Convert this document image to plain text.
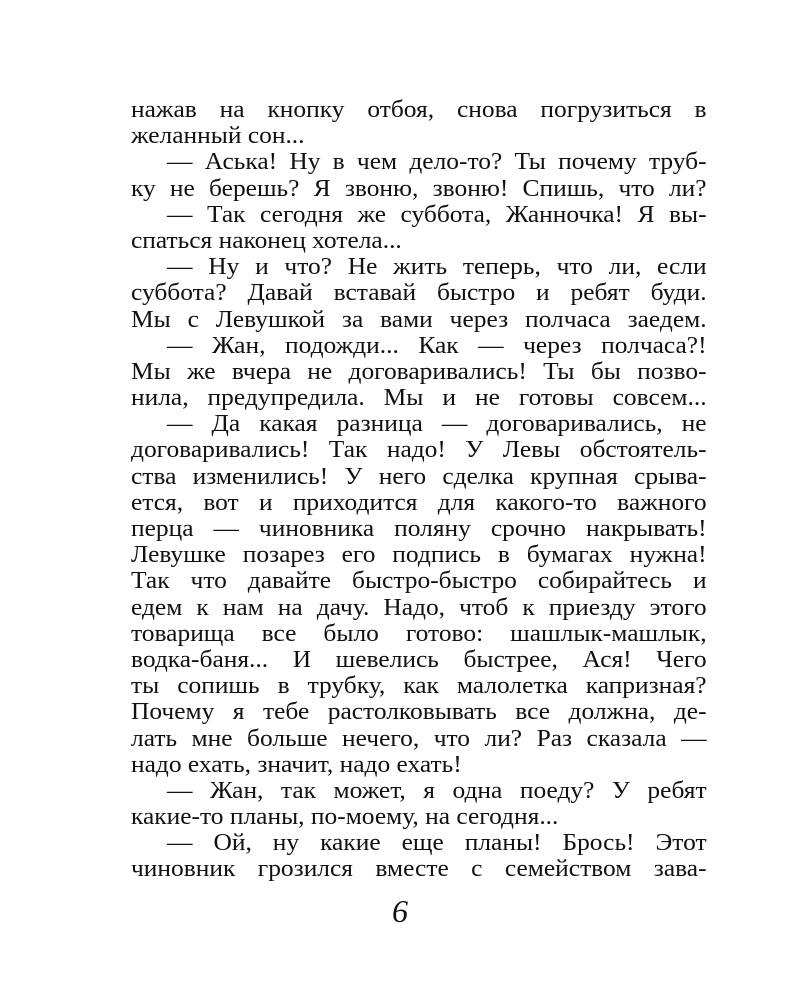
нажав на кнопку отбоя, снова погрузиться в
желанный сон...
— Аська! Ну в чем дело-то? Ты почему труб-
ку не берешь? Я звоню, звоню! Спишь, что ли?
— Так сегодня же суббота, Жанночка! Я вы-
спаться наконец хотела...
— Ну и что? Не жить теперь, что ли, если
суббота? Давай вставай быстро и ребят буди.
Мы с Левушкой за вами через полчаса заедем.
— Жан, подожди... Как — через полчаса?!
Мы же вчера не договаривались! Ты бы позво-
нила, предупредила. Мы и не готовы совсем...
— Да какая разница — договаривались, не
договаривались! Так надо! У Левы обстоятель-
ства изменились! У него сделка крупная срыва-
ется, вот и приходится для какого-то важного
перца — чиновника поляну срочно накрывать!
Левушке позарез его подпись в бумагах нужна!
Так что давайте быстро-быстро собирайтесь и
едем к нам на дачу. Надо, чтоб к приезду этого
товарища все было готово: шашлык-машлык,
водка-баня... И шевелись быстрее, Ася! Чего
ты сопишь в трубку, как малолетка капризная?
Почему я тебе растолковывать все должна, де-
лать мне больше нечего, что ли? Раз сказала —
надо ехать, значит, надо ехать!
— Жан, так может, я одна поеду? У ребят
какие-то планы, по-моему, на сегодня...
— Ой, ну какие еще планы! Брось! Этот
чиновник грозился вместе с семейством зава-
6
